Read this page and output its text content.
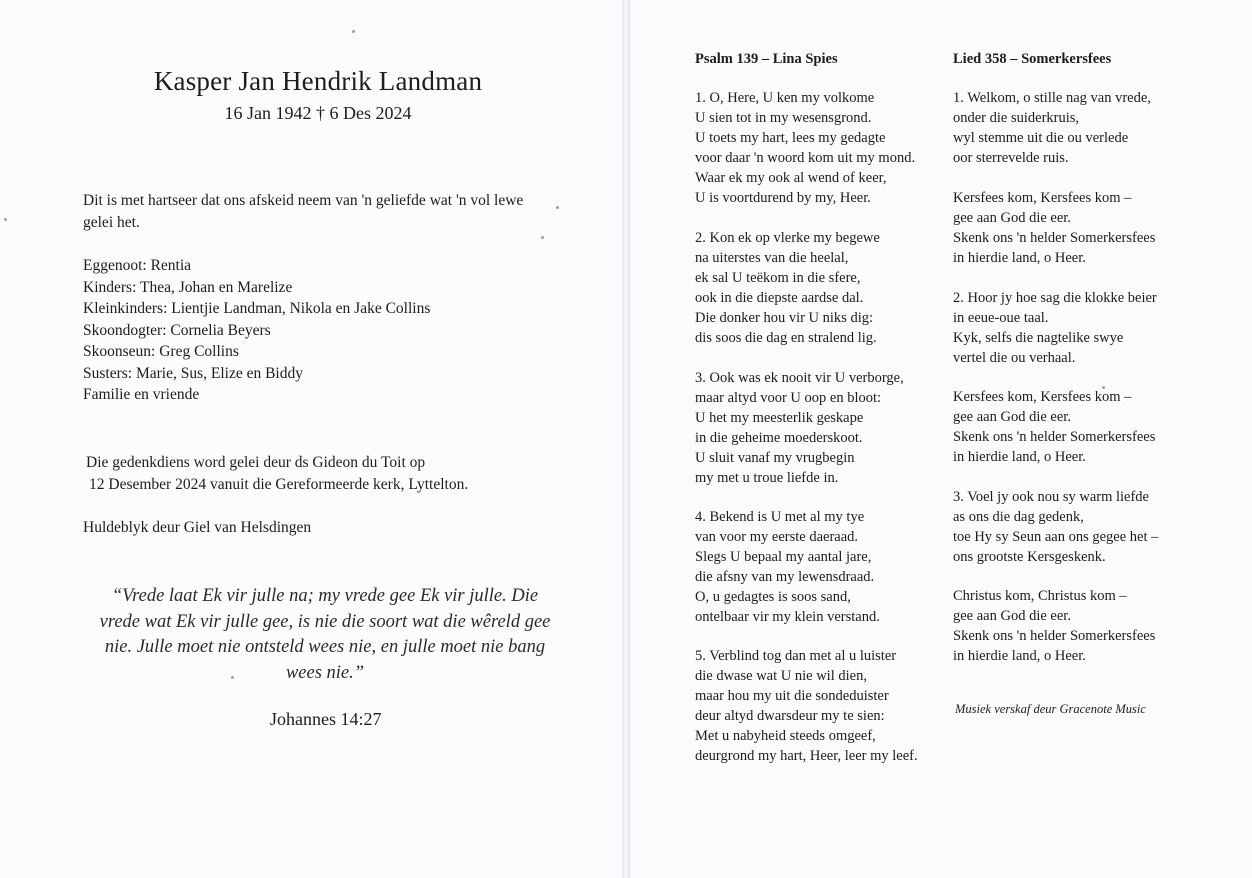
Kasper Jan Hendrik Landman

16 Jan 1942 † 6 Des 2024

Dit is met hartseer dat ons afskeid neem van 'n geliefde wat 'n vol lewe gelei het.

Eggenoot: Rentia
Kinders: Thea, Johan en Marelize
Kleinkinders: Lientjie Landman, Nikola en Jake Collins
Skoondogter: Cornelia Beyers
Skoonseun: Greg Collins
Susters: Marie, Sus, Elize en Biddy
Familie en vriende
Die gedenkdiens word gelei deur ds Gideon du Toit op
12 Desember 2024 vanuit die Gereformeerde kerk, Lyttelton.

Huldeblyk deur Giel van Helsdingen

“Vrede laat Ek vir julle na; my vrede gee Ek vir julle. Die vrede wat Ek vir julle gee, is nie die soort wat die wêreld gee nie. Julle moet nie ontsteld wees nie, en julle moet nie bang wees nie.”

Johannes 14:27

Psalm 139 – Lina Spies	Lied 358 – Somerkersfees

1. O, Here, U ken my volkome
U sien tot in my wesensgrond.
U toets my hart, lees my gedagte
voor daar 'n woord kom uit my mond.
Waar ek my ook al wend of keer,
U is voortdurend by my, Heer.
2. Kon ek op vlerke my begewe
na uiterstes van die heelal,
ek sal U teëkom in die sfere,
ook in die diepste aardse dal.
Die donker hou vir U niks dig:
dis soos die dag en stralend lig.
3. Ook was ek nooit vir U verborge,
maar altyd voor U oop en bloot:
U het my meesterlik geskape
in die geheime moederskoot.
U sluit vanaf my vrugbegin
my met u troue liefde in.
4. Bekend is U met al my tye
van voor my eerste daeraad.
Slegs U bepaal my aantal jare,
die afsny van my lewensdraad.
O, u gedagtes is soos sand,
ontelbaar vir my klein verstand.
5. Verblind tog dan met al u luister
die dwase wat U nie wil dien,
maar hou my uit die sondeduister
deur altyd dwarsdeur my te sien:
Met u nabyheid steeds omgeef,
deurgrond my hart, Heer, leer my leef.
1. Welkom, o stille nag van vrede,
onder die suiderkruis,
wyl stemme uit die ou verlede
oor sterrevelde ruis.
Kersfees kom, Kersfees kom –
gee aan God die eer.
Skenk ons 'n helder Somerkersfees
in hierdie land, o Heer.
2. Hoor jy hoe sag die klokke beier
in eeue-oue taal.
Kyk, selfs die nagtelike swye
vertel die ou verhaal.
Kersfees kom, Kersfees kom –
gee aan God die eer.
Skenk ons 'n helder Somerkersfees
in hierdie land, o Heer.
3. Voel jy ook nou sy warm liefde
as ons die dag gedenk,
toe Hy sy Seun aan ons gegee het –
ons grootste Kersgeskenk.
Christus kom, Christus kom –
gee aan God die eer.
Skenk ons 'n helder Somerkersfees
in hierdie land, o Heer.

Musiek verskaf deur Gracenote Music
